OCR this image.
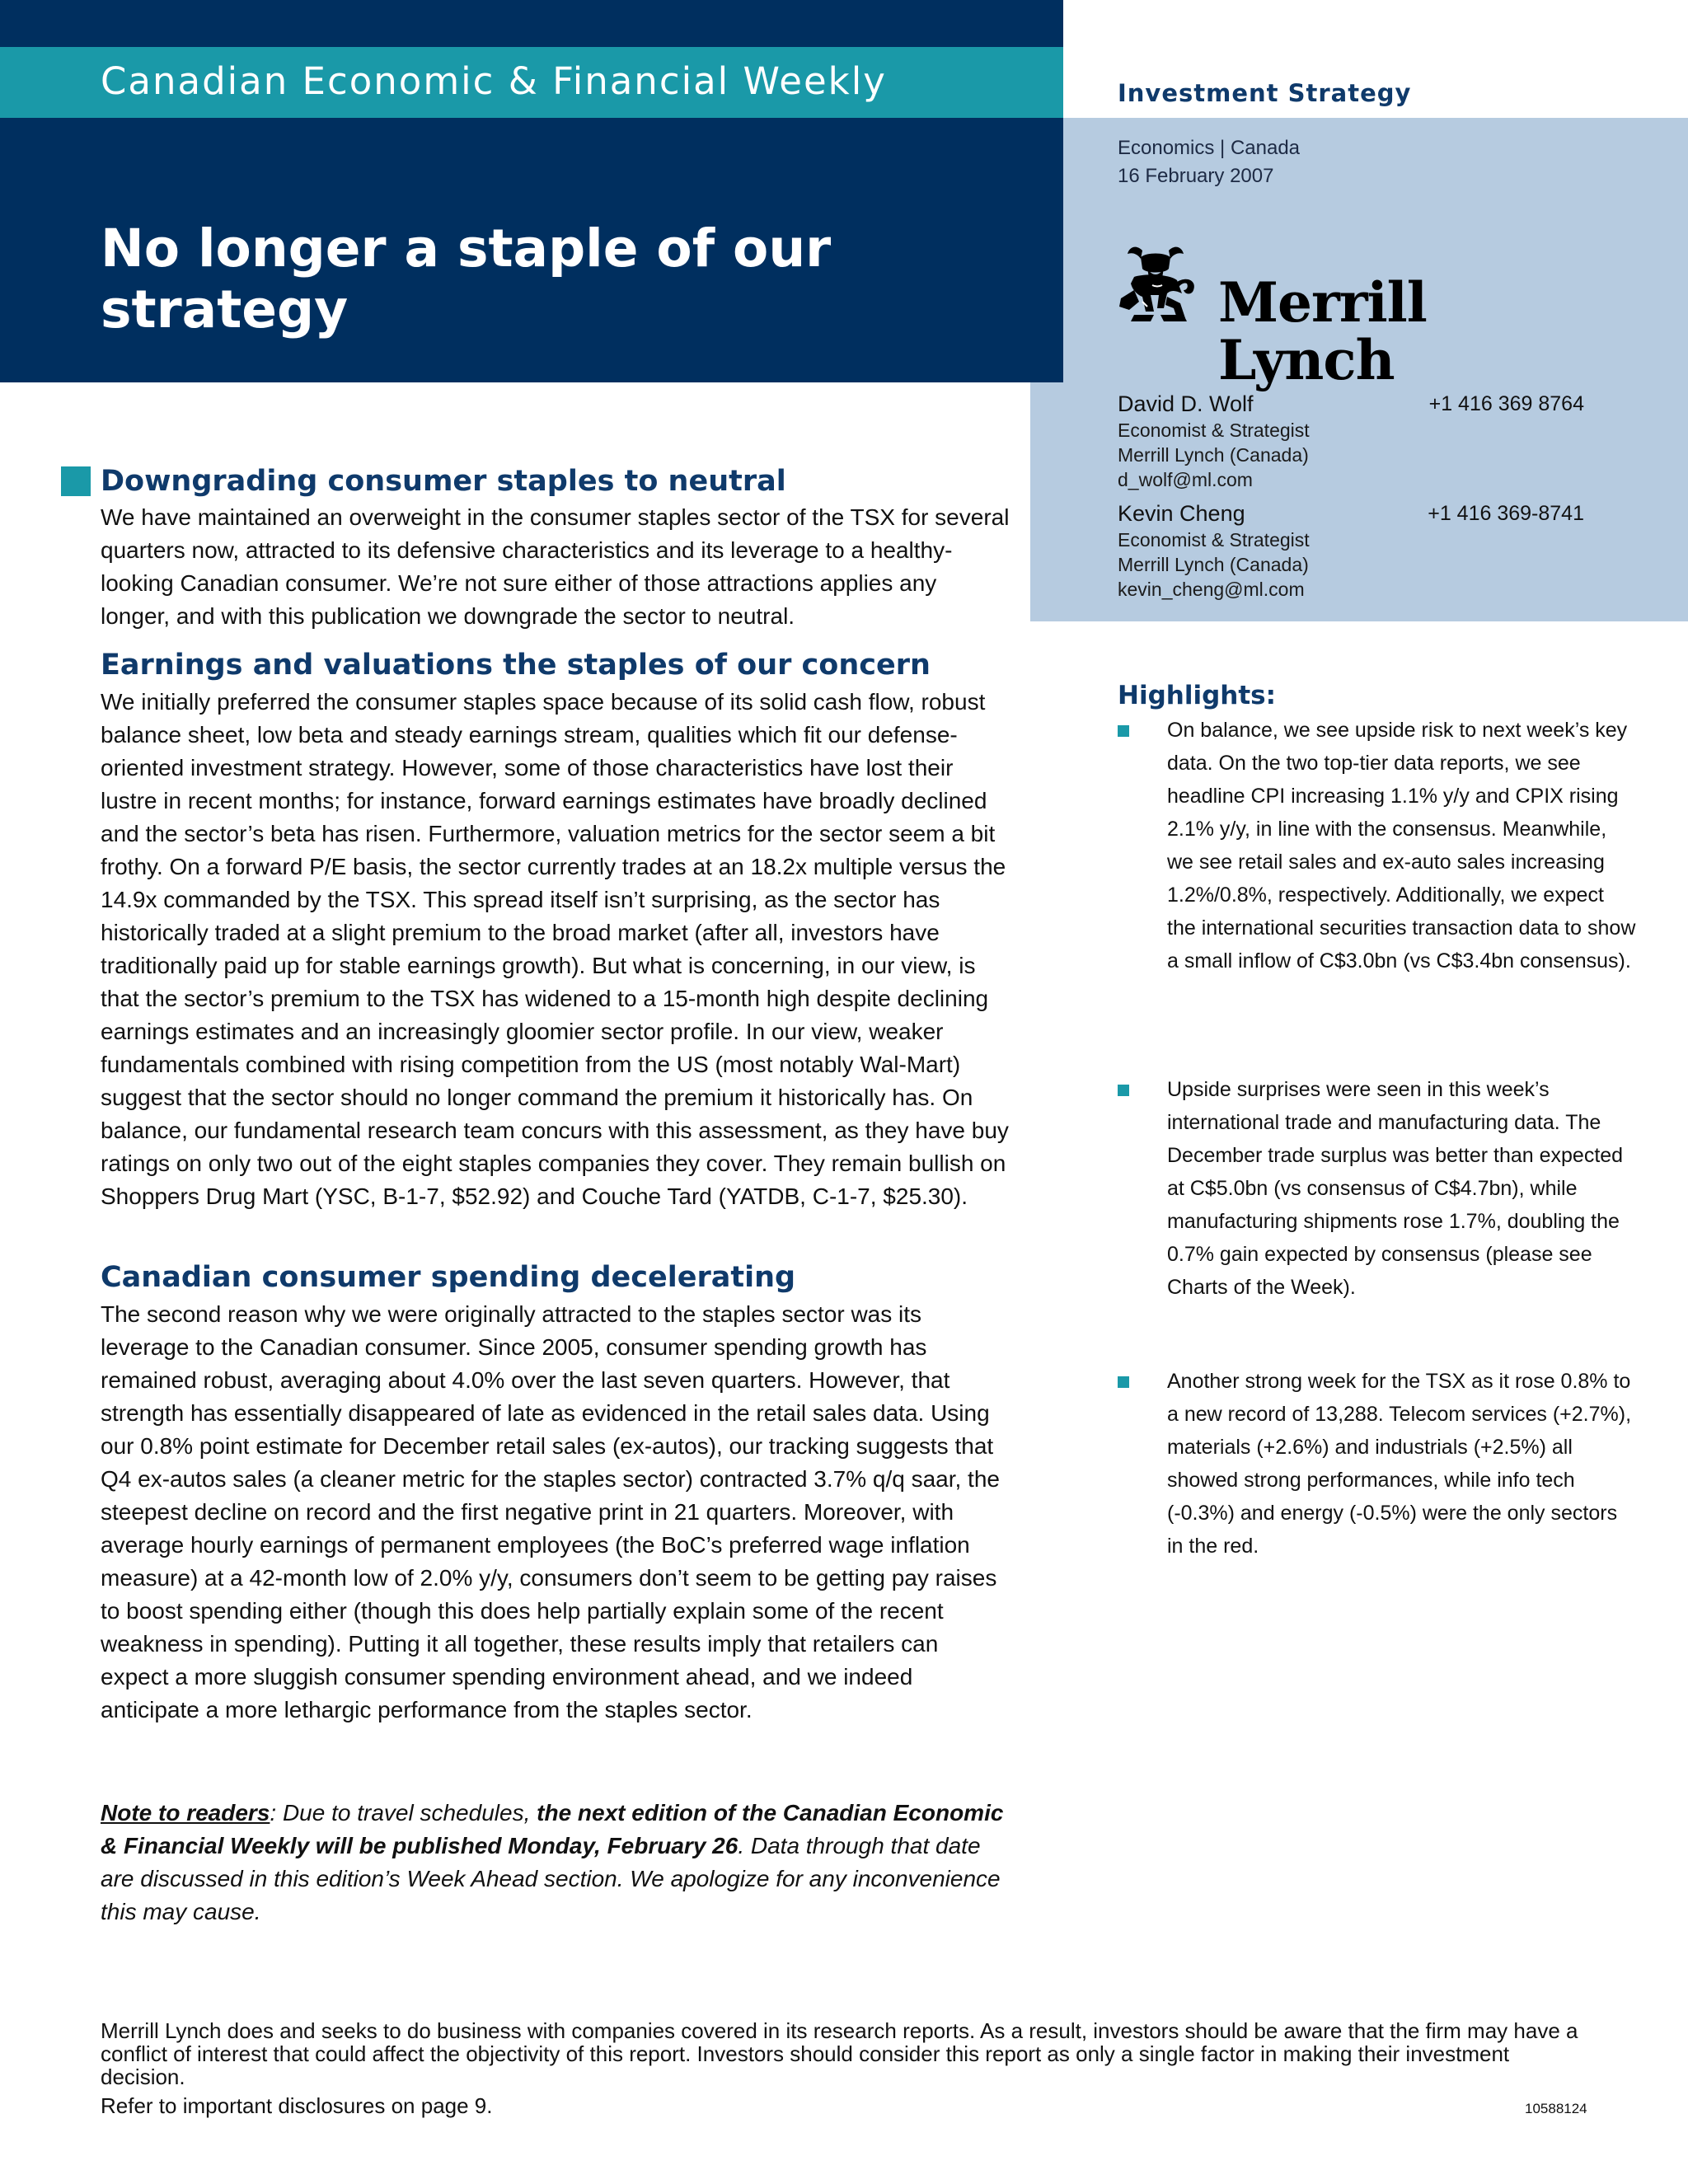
Canadian Economic & Financial Weekly
No longer a staple of our
strategy
Investment Strategy
Economics | Canada
16 February 2007
Merrill Lynch
David D. Wolf	+1 416 369 8764
Economist & Strategist
Merrill Lynch (Canada)
d_wolf@ml.com
Kevin Cheng	+1 416 369-8741
Economist & Strategist
Merrill Lynch (Canada)
kevin_cheng@ml.com
Downgrading consumer staples to neutral
We have maintained an overweight in the consumer staples sector of the TSX for several quarters now, attracted to its defensive characteristics and its leverage to a healthy-looking Canadian consumer. We’re not sure either of those attractions applies any longer, and with this publication we downgrade the sector to neutral.
Earnings and valuations the staples of our concern
We initially preferred the consumer staples space because of its solid cash flow, robust balance sheet, low beta and steady earnings stream, qualities which fit our defense-oriented investment strategy. However, some of those characteristics have lost their lustre in recent months; for instance, forward earnings estimates have broadly declined and the sector’s beta has risen. Furthermore, valuation metrics for the sector seem a bit frothy. On a forward P/E basis, the sector currently trades at an 18.2x multiple versus the 14.9x commanded by the TSX. This spread itself isn’t surprising, as the sector has historically traded at a slight premium to the broad market (after all, investors have traditionally paid up for stable earnings growth). But what is concerning, in our view, is that the sector’s premium to the TSX has widened to a 15-month high despite declining earnings estimates and an increasingly gloomier sector profile. In our view, weaker fundamentals combined with rising competition from the US (most notably Wal-Mart) suggest that the sector should no longer command the premium it historically has. On balance, our fundamental research team concurs with this assessment, as they have buy ratings on only two out of the eight staples companies they cover. They remain bullish on Shoppers Drug Mart (YSC, B-1-7, $52.92) and Couche Tard (YATDB, C-1-7, $25.30).
Canadian consumer spending decelerating
The second reason why we were originally attracted to the staples sector was its leverage to the Canadian consumer. Since 2005, consumer spending growth has remained robust, averaging about 4.0% over the last seven quarters. However, that strength has essentially disappeared of late as evidenced in the retail sales data. Using our 0.8% point estimate for December retail sales (ex-autos), our tracking suggests that Q4 ex-autos sales (a cleaner metric for the staples sector) contracted 3.7% q/q saar, the steepest decline on record and the first negative print in 21 quarters. Moreover, with average hourly earnings of permanent employees (the BoC’s preferred wage inflation measure) at a 42-month low of 2.0% y/y, consumers don’t seem to be getting pay raises to boost spending either (though this does help partially explain some of the recent weakness in spending). Putting it all together, these results imply that retailers can expect a more sluggish consumer spending environment ahead, and we indeed anticipate a more lethargic performance from the staples sector.
Note to readers: Due to travel schedules, the next edition of the Canadian Economic & Financial Weekly will be published Monday, February 26. Data through that date are discussed in this edition’s Week Ahead section. We apologize for any inconvenience this may cause.
Highlights:
On balance, we see upside risk to next week’s key data. On the two top-tier data reports, we see headline CPI increasing 1.1% y/y and CPIX rising 2.1% y/y, in line with the consensus. Meanwhile, we see retail sales and ex-auto sales increasing 1.2%/0.8%, respectively. Additionally, we expect the international securities transaction data to show a small inflow of C$3.0bn (vs C$3.4bn consensus).
Upside surprises were seen in this week’s international trade and manufacturing data. The December trade surplus was better than expected at C$5.0bn (vs consensus of C$4.7bn), while manufacturing shipments rose 1.7%, doubling the 0.7% gain expected by consensus (please see Charts of the Week).
Another strong week for the TSX as it rose 0.8% to a new record of 13,288. Telecom services (+2.7%), materials (+2.6%) and industrials (+2.5%) all showed strong performances, while info tech (-0.3%) and energy (-0.5%) were the only sectors in the red.
Merrill Lynch does and seeks to do business with companies covered in its research reports. As a result, investors should be aware that the firm may have a conflict of interest that could affect the objectivity of this report. Investors should consider this report as only a single factor in making their investment decision.
Refer to important disclosures on page 9.	10588124
